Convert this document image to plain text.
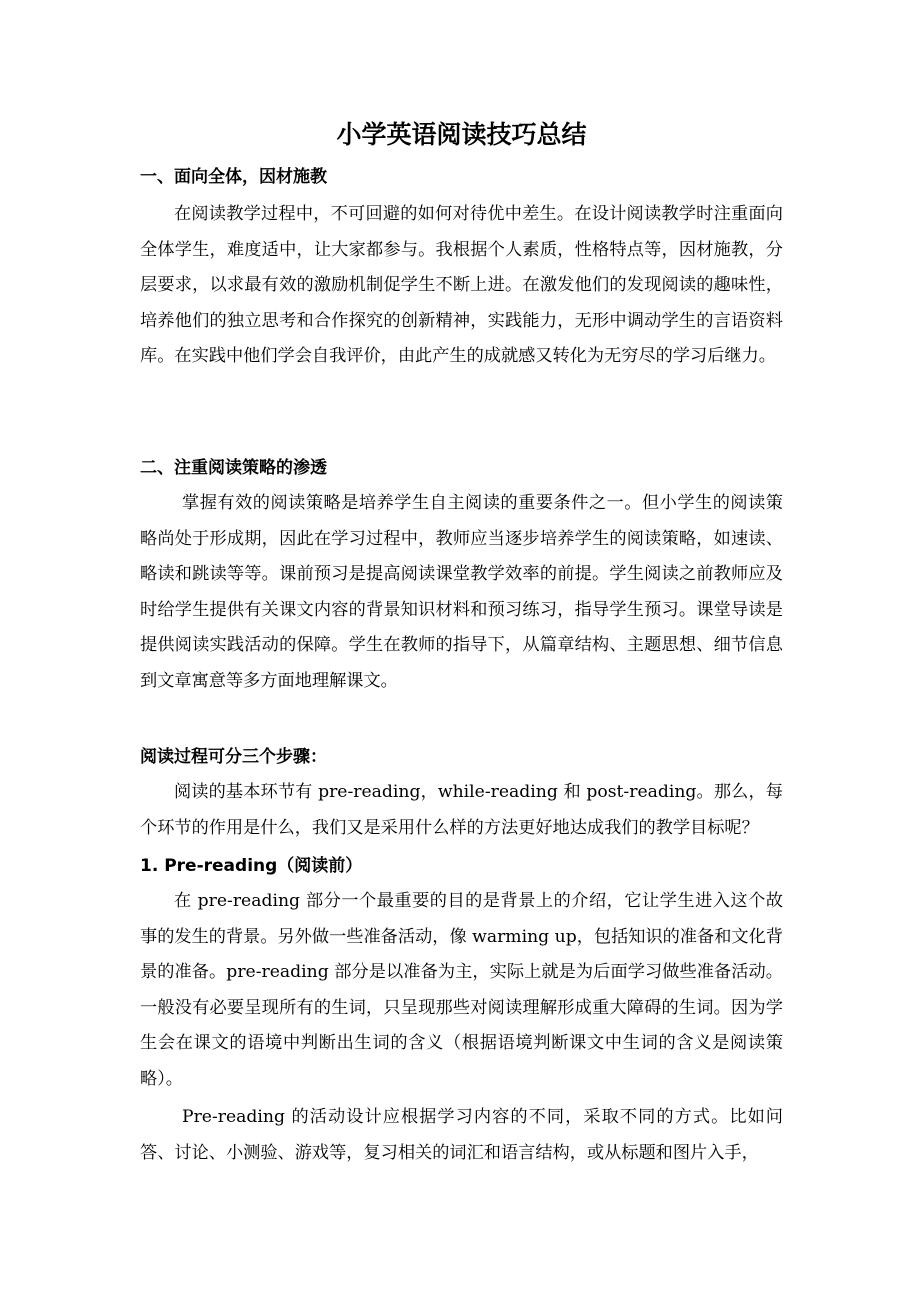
小学英语阅读技巧总结
一、面向全体，因材施教

在阅读教学过程中，不可回避的如何对待优中差生。在设计阅读教学时注重面向全体学生，难度适中，让大家都参与。我根据个人素质，性格特点等，因材施教，分层要求，以求最有效的激励机制促学生不断上进。在激发他们的发现阅读的趣味性，培养他们的独立思考和合作探究的创新精神，实践能力，无形中调动学生的言语资料库。在实践中他们学会自我评价，由此产生的成就感又转化为无穷尽的学习后继力。

二、注重阅读策略的渗透

掌握有效的阅读策略是培养学生自主阅读的重要条件之一。但小学生的阅读策略尚处于形成期，因此在学习过程中，教师应当逐步培养学生的阅读策略，如速读、略读和跳读等等。课前预习是提高阅读课堂教学效率的前提。学生阅读之前教师应及时给学生提供有关课文内容的背景知识材料和预习练习，指导学生预习。课堂导读是提供阅读实践活动的保障。学生在教师的指导下，从篇章结构、主题思想、细节信息到文章寓意等多方面地理解课文。

阅读过程可分三个步骤：

阅读的基本环节有 pre-reading，while-reading 和 post-reading。那么，每个环节的作用是什么，我们又是采用什么样的方法更好地达成我们的教学目标呢？

1. Pre-reading（阅读前）

在 pre-reading 部分一个最重要的目的是背景上的介绍，它让学生进入这个故事的发生的背景。另外做一些准备活动，像 warming up，包括知识的准备和文化背景的准备。pre-reading 部分是以准备为主，实际上就是为后面学习做些准备活动。一般没有必要呈现所有的生词，只呈现那些对阅读理解形成重大障碍的生词。因为学生会在课文的语境中判断出生词的含义（根据语境判断课文中生词的含义是阅读策略）。

Pre-reading 的活动设计应根据学习内容的不同，采取不同的方式。比如问答、讨论、小测验、游戏等，复习相关的词汇和语言结构，或从标题和图片入手，
